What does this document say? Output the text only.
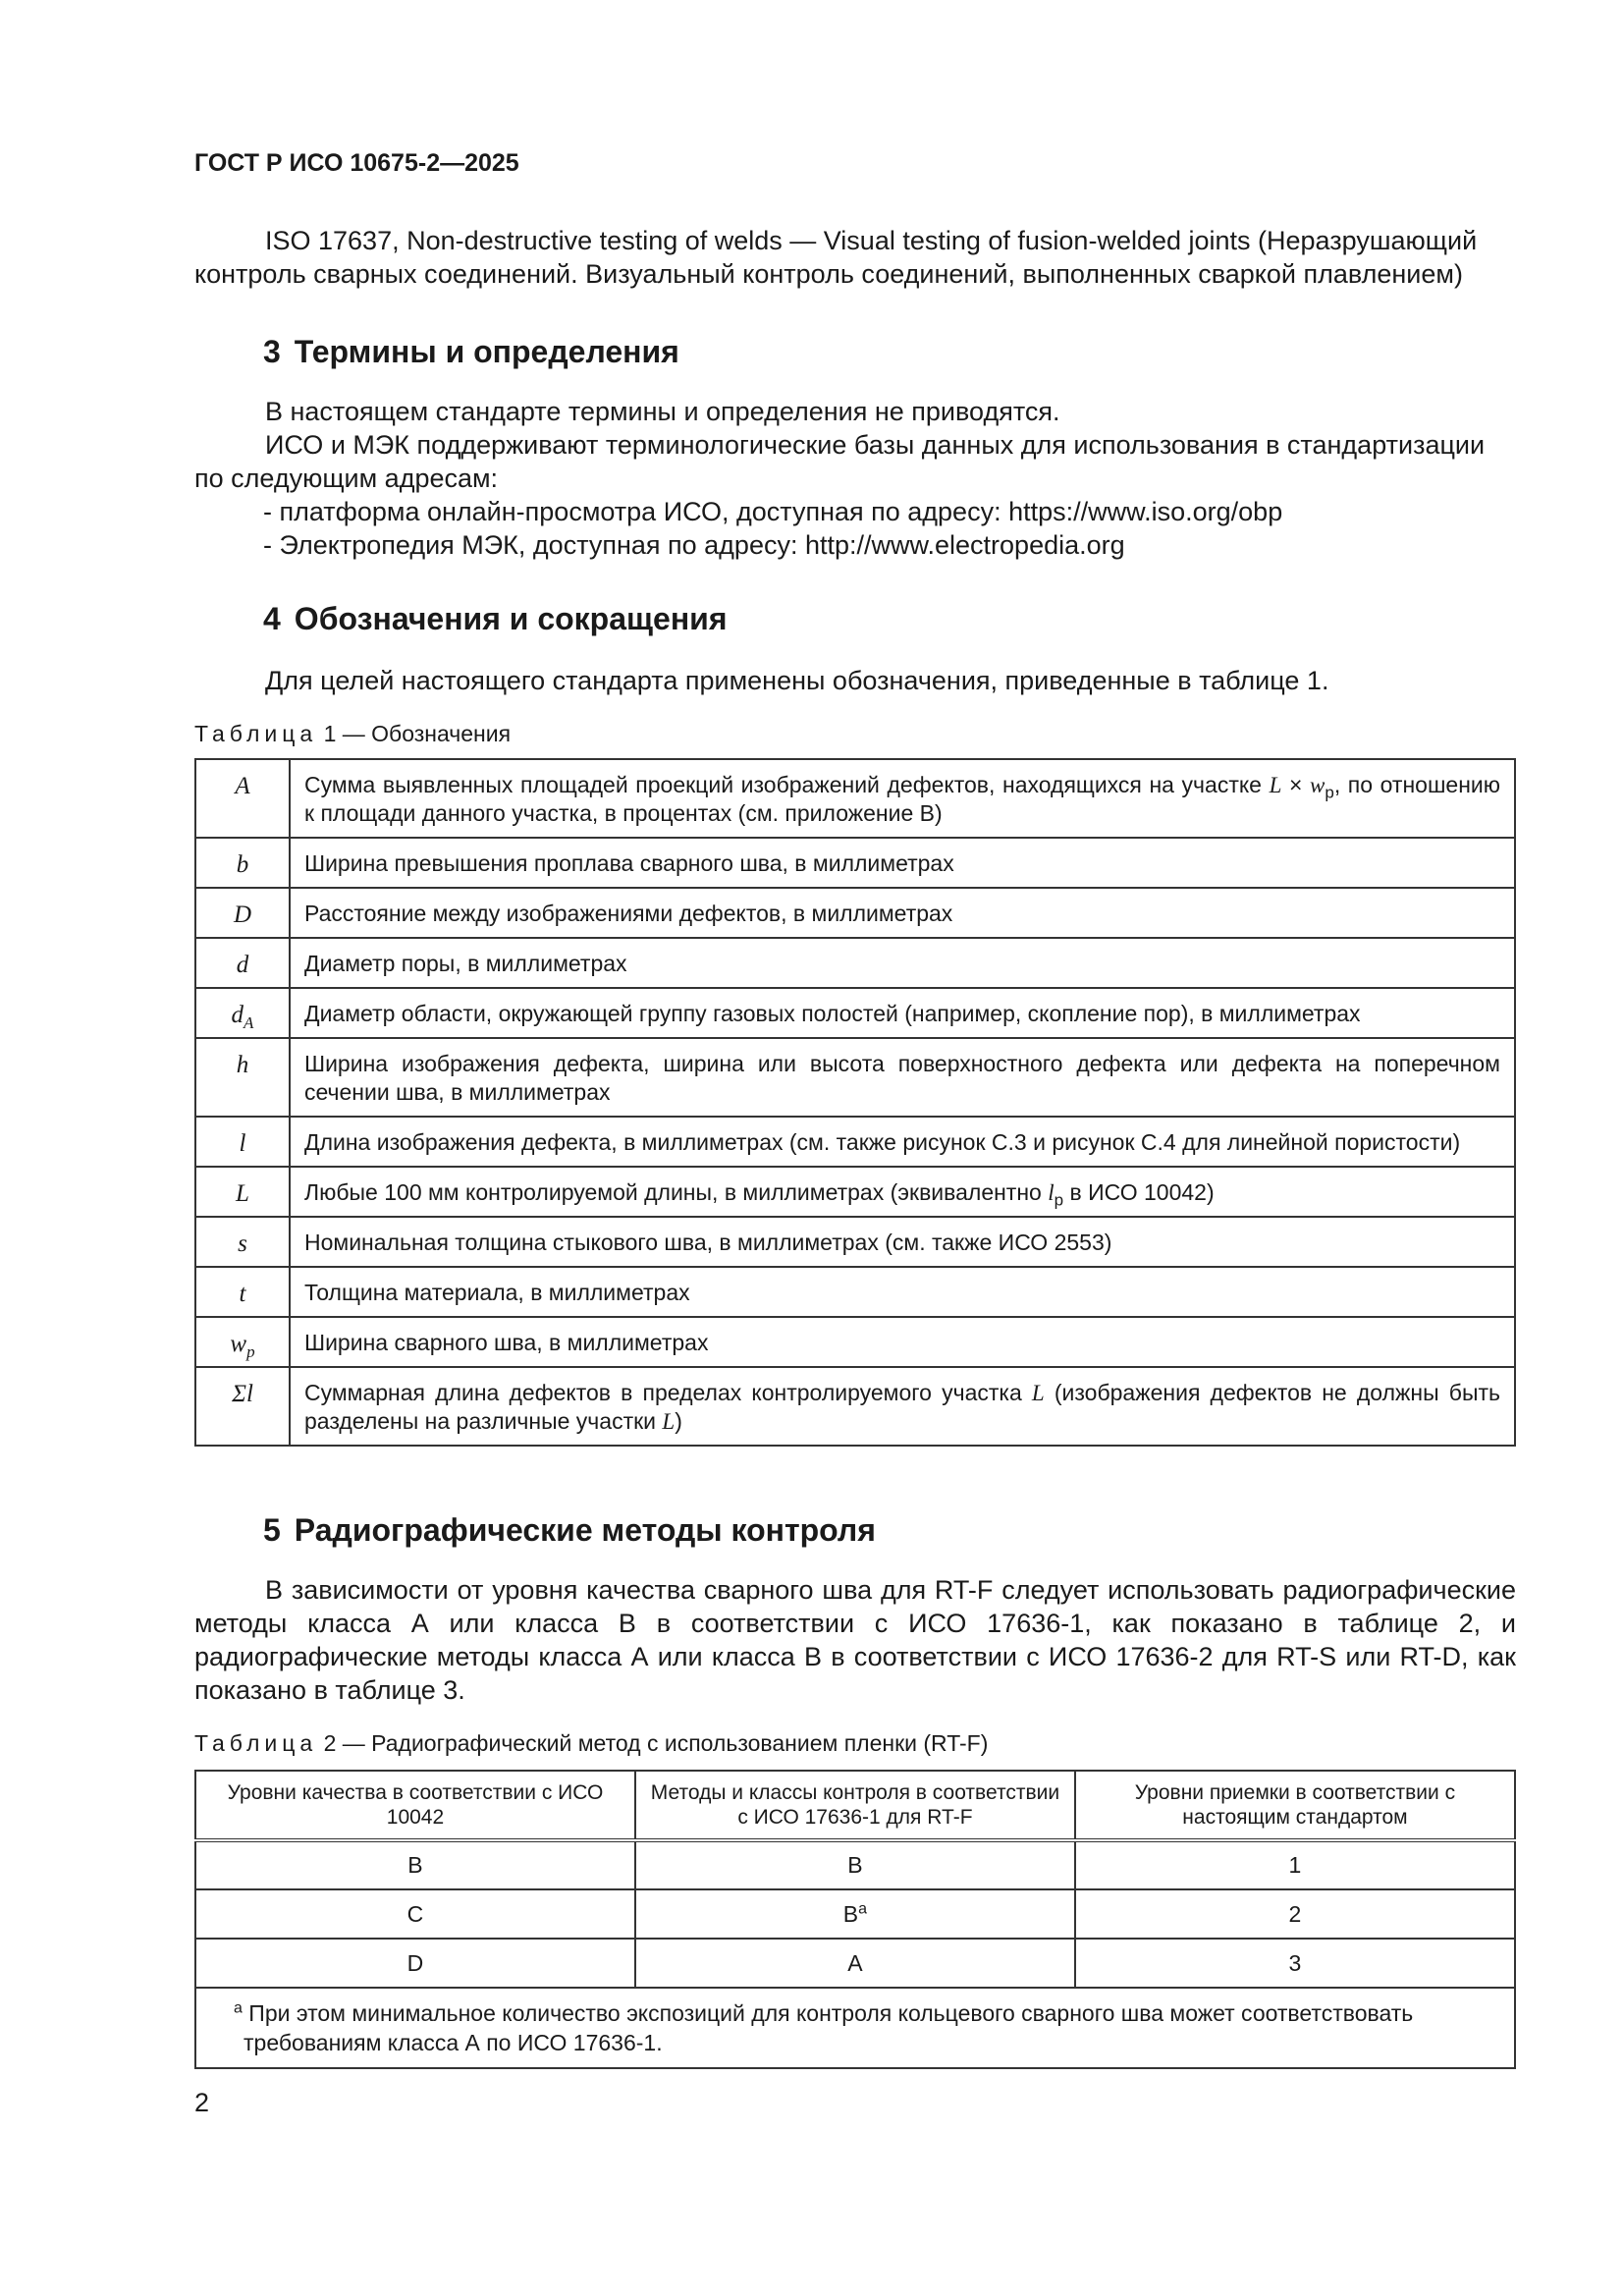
ГОСТ Р ИСО 10675-2—2025
ISO 17637, Non-destructive testing of welds — Visual testing of fusion-welded joints (Неразрушающий
контроль сварных соединений. Визуальный контроль соединений, выполненных сваркой плавлением)
3 Термины и определения
В настоящем стандарте термины и определения не приводятся.
ИСО и МЭК поддерживают терминологические базы данных для использования в стандартизации
по следующим адресам:
- платформа онлайн-просмотра ИСО, доступная по адресу: https://www.iso.org/obp
- Электропедия МЭК, доступная по адресу: http://www.electropedia.org
4 Обозначения и сокращения
Для целей настоящего стандарта применены обозначения, приведенные в таблице 1.
Таблица 1 — Обозначения
A	Сумма выявленных площадей проекций изображений дефектов, находящихся на участке $L \times w_p$, по отношению к площади данного участка, в процентах (см. приложение В)
b	Ширина превышения проплава сварного шва, в миллиметрах
D	Расстояние между изображениями дефектов, в миллиметрах
d	Диаметр поры, в миллиметрах
$d_A$	Диаметр области, окружающей группу газовых полостей (например, скопление пор), в миллиметрах
h	Ширина изображения дефекта, ширина или высота поверхностного дефекта или дефекта на поперечном сечении шва, в миллиметрах
l	Длина изображения дефекта, в миллиметрах (см. также рисунок С.3 и рисунок С.4 для линейной пористости)
L	Любые 100 мм контролируемой длины, в миллиметрах (эквивалентно $l_p$ в ИСО 10042)
s	Номинальная толщина стыкового шва, в миллиметрах (см. также ИСО 2553)
t	Толщина материала, в миллиметрах
$w_p$	Ширина сварного шва, в миллиметрах
Σl	Суммарная длина дефектов в пределах контролируемого участка L (изображения дефектов не должны быть разделены на различные участки L)
5 Радиографические методы контроля
В зависимости от уровня качества сварного шва для RT-F следует использовать радиографические методы класса А или класса В в соответствии с ИСО 17636-1, как показано в таблице 2, и радиографические методы класса А или класса В в соответствии с ИСО 17636-2 для RT-S или RT-D, как показано в таблице 3.
Таблица 2 — Радиографический метод с использованием пленки (RT-F)
Уровни качества в соответствии с ИСО 10042	Методы и классы контроля в соответствии с ИСО 17636-1 для RT-F	Уровни приемки в соответствии с настоящим стандартом
B	B	1
C	$B^a$	2
D	A	3
$^a$ При этом минимальное количество экспозиций для контроля кольцевого сварного шва может соответствовать требованиям класса А по ИСО 17636-1.		
2
